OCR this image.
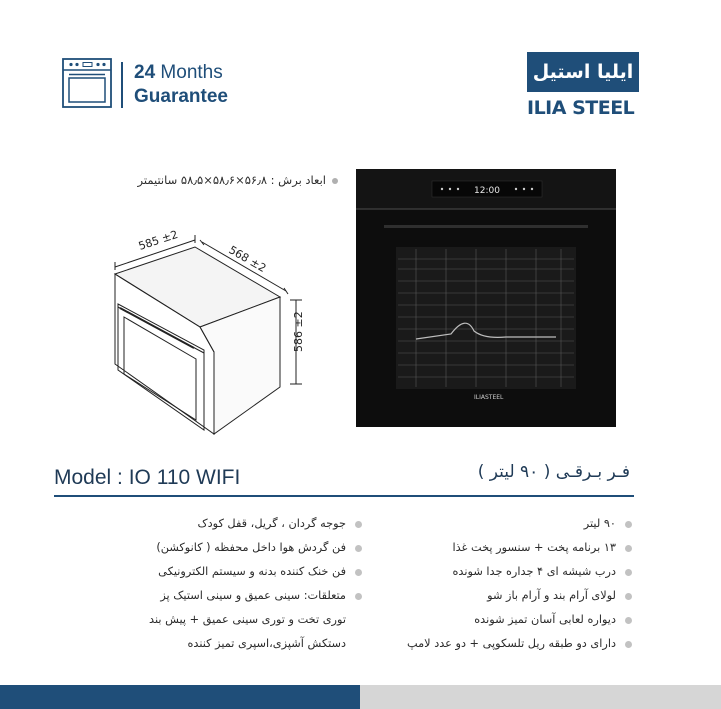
24 Months
Guarantee
ایلیا استیل
ILIA STEEL
ابعاد برش : ۵۶٫۸×۵۸٫۶×۵۸٫۵ سانتیمتر
585 ±2
568 ±2
586 ±2
12:00
ILIASTEEL
Model : IO 110 WIFI	فـر بـرقـی ( ۹۰ لیتر )
۹۰ لیتر
۱۳ برنامه پخت + سنسور پخت غذا
درب شیشه ای ۴ جداره جدا شونده
لولای آرام بند و آرام باز شو
دیواره لعابی آسان تمیز شونده
دارای دو طبقه ریل تلسکوپی + دو عدد لامپ
جوجه گردان ، گریل، قفل کودک
فن گردش هوا داخل محفظه ( کانوکشن)
فن خنک کننده بدنه و سیستم الکترونیکی
متعلقات: سینی عمیق و سینی استیک پز
توری تخت و توری سینی عمیق + پیش بند
دستکش آشپزی،اسپری تمیز کننده
